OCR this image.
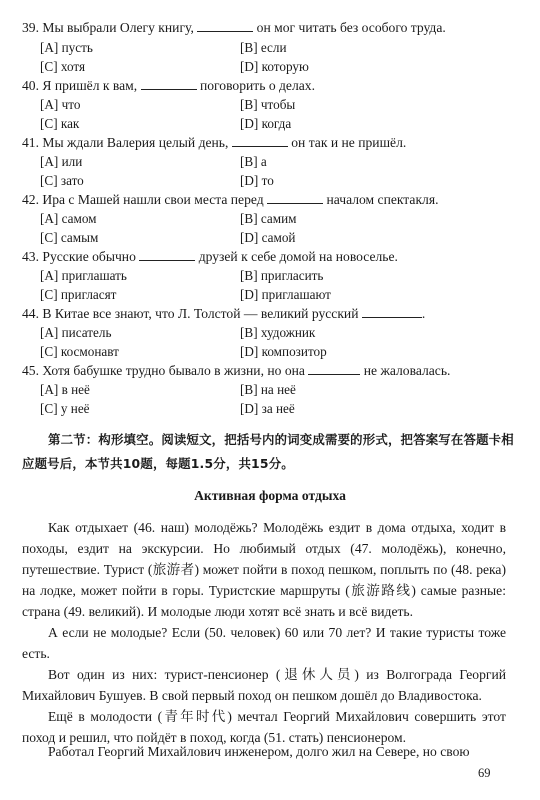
39. Мы выбрали Олегу книгу,	он мог читать без особого труда.
[A] пусть	[B] если
[C] хотя	[D] которую
40. Я пришёл к вам,	поговорить о делах.
[A] что	[B] чтобы
[C] как	[D] когда
41. Мы ждали Валерия целый день,	он так и не пришёл.
[A] или	[B] а
[C] зато	[D] то
42. Ира с Машей нашли свои места перед	началом спектакля.
[A] самом	[B] самим
[C] самым	[D] самой
43. Русские обычно	друзей к себе домой на новоселье.
[A] приглашать	[B] пригласить
[C] пригласят	[D] приглашают
44. В Китае все знают, что Л. Толстой — великий русский	.
[A] писатель	[B] художник
[C] космонавт	[D] композитор
45. Хотя бабушке трудно бывало в жизни, но она	не жаловалась.
[A] в неё	[B] на неё
[C] у неё	[D] за неё
第二节：构形填空。阅读短文，把括号内的词变成需要的形式，把答案写在答题卡相应题号后，本节共10题，每题1.5分，共15分。
Активная форма отдыха
Как отдыхает (46. наш) молодёжь? Молодёжь ездит в дома отдыха, ходит в походы, ездит на экскурсии. Но любимый отдых (47. молодёжь), конечно, путешествие. Турист (旅游者) может пойти в поход пешком, поплыть по (48. река) на лодке, может пойти в горы. Туристские маршруты (旅游路线) самые разные: страна (49. великий). И молодые люди хотят всё знать и всё видеть.
А если не молодые? Если (50. человек) 60 или 70 лет? И такие туристы тоже есть.
Вот один из них: турист-пенсионер (退休人员) из Волгограда Георгий Михайлович Бушуев. В свой первый поход он пешком дошёл до Владивостока.
Ещё в молодости (青年时代) мечтал Георгий Михайлович совершить этот поход и решил, что пойдёт в поход, когда (51. стать) пенсионером.
Работал Георгий Михайлович инженером, долго жил на Севере, но свою
69
